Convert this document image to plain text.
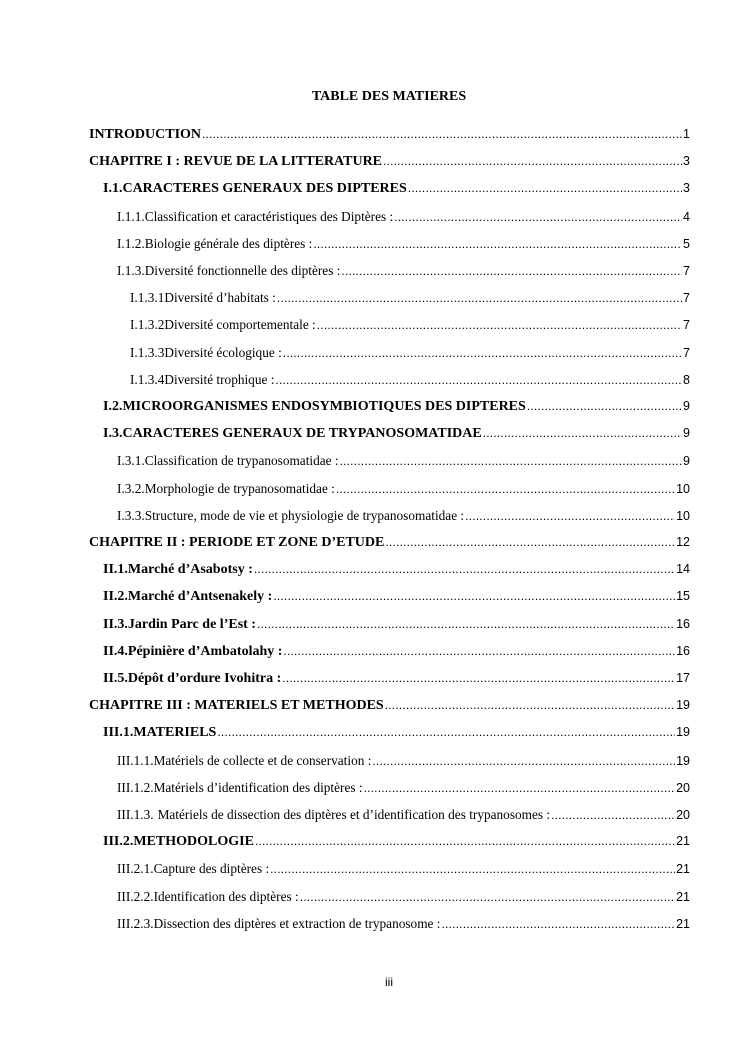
TABLE DES MATIERES
INTRODUCTION .....	1
CHAPITRE I : REVUE DE LA LITTERATURE .....	3
I.1. CARACTERES GENERAUX DES DIPTERES .....	3
I.1.1. Classification et caractéristiques des Diptères : .....	4
I.1.2. Biologie générale des diptères : .....	5
I.1.3. Diversité fonctionnelle des diptères : .....	7
I.1.3.1 Diversité d’habitats : .....	7
I.1.3.2 Diversité comportementale : .....	7
I.1.3.3 Diversité écologique : .....	7
I.1.3.4 Diversité trophique : .....	8
I.2. MICROORGANISMES ENDOSYMBIOTIQUES DES DIPTERES .....	9
I.3. CARACTERES GENERAUX DE TRYPANOSOMATIDAE .....	9
I.3.1. Classification de trypanosomatidae : .....	9
I.3.2. Morphologie de trypanosomatidae : .....	10
I.3.3. Structure, mode de vie et physiologie de trypanosomatidae : .....	10
CHAPITRE II : PERIODE ET ZONE D’ETUDE .....	12
II.1. Marché d’Asabotsy : .....	14
II.2. Marché d’Antsenakely : .....	15
II.3. Jardin Parc de l’Est : .....	16
II.4. Pépinière d’Ambatolahy : .....	16
II.5. Dépôt d’ordure Ivohitra : .....	17
CHAPITRE III : MATERIELS ET METHODES .....	19
III.1. MATERIELS .....	19
III.1.1. Matériels de collecte et de conservation : .....	19
III.1.2. Matériels d’identification des diptères : .....	20
III.1.3. Matériels de dissection des diptères et d’identification des trypanosomes : .....	20
III.2. METHODOLOGIE .....	21
III.2.1. Capture des diptères : .....	21
III.2.2. Identification des diptères : .....	21
III.2.3. Dissection des diptères et extraction de trypanosome : .....	21
iii
